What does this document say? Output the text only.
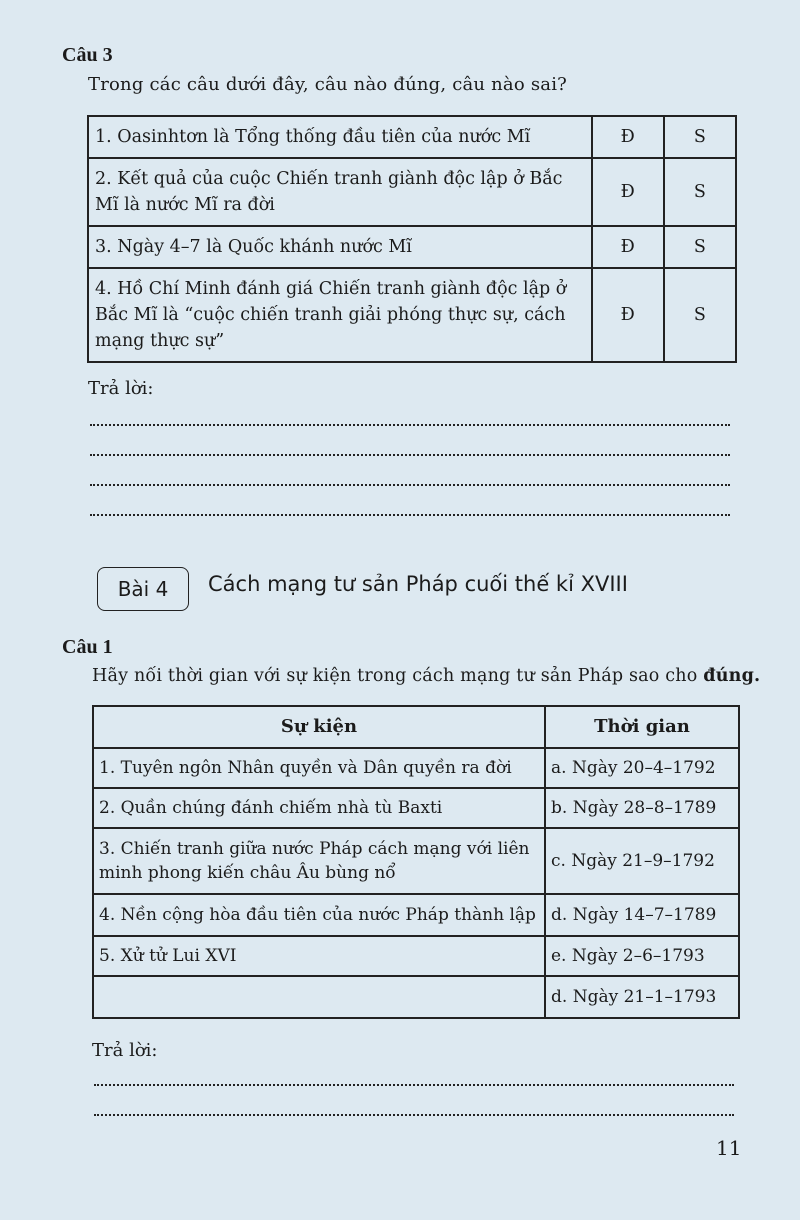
Câu 3
Trong các câu dưới đây, câu nào đúng, câu nào sai?
1. Oasinhtơn là Tổng thống đầu tiên của nước Mĩ	Đ	S
2. Kết quả của cuộc Chiến tranh giành độc lập ở Bắc Mĩ là nước Mĩ ra đời	Đ	S
3. Ngày 4–7 là Quốc khánh nước Mĩ	Đ	S
4. Hồ Chí Minh đánh giá Chiến tranh giành độc lập ở Bắc Mĩ là “cuộc chiến tranh giải phóng thực sự, cách mạng thực sự”	Đ	S
Trả lời:
Bài 4 Cách mạng tư sản Pháp cuối thế kỉ XVIII
Câu 1
Hãy nối thời gian với sự kiện trong cách mạng tư sản Pháp sao cho đúng.
Sự kiện	Thời gian
1. Tuyên ngôn Nhân quyền và Dân quyền ra đời	a. Ngày 20–4–1792
2. Quần chúng đánh chiếm nhà tù Baxti	b. Ngày 28–8–1789
3. Chiến tranh giữa nước Pháp cách mạng với liên minh phong kiến châu Âu bùng nổ	c. Ngày 21–9–1792
4. Nền cộng hòa đầu tiên của nước Pháp thành lập	d. Ngày 14–7–1789
5. Xử tử Lui XVI	e. Ngày 2–6–1793
	d. Ngày 21–1–1793
Trả lời:
11
